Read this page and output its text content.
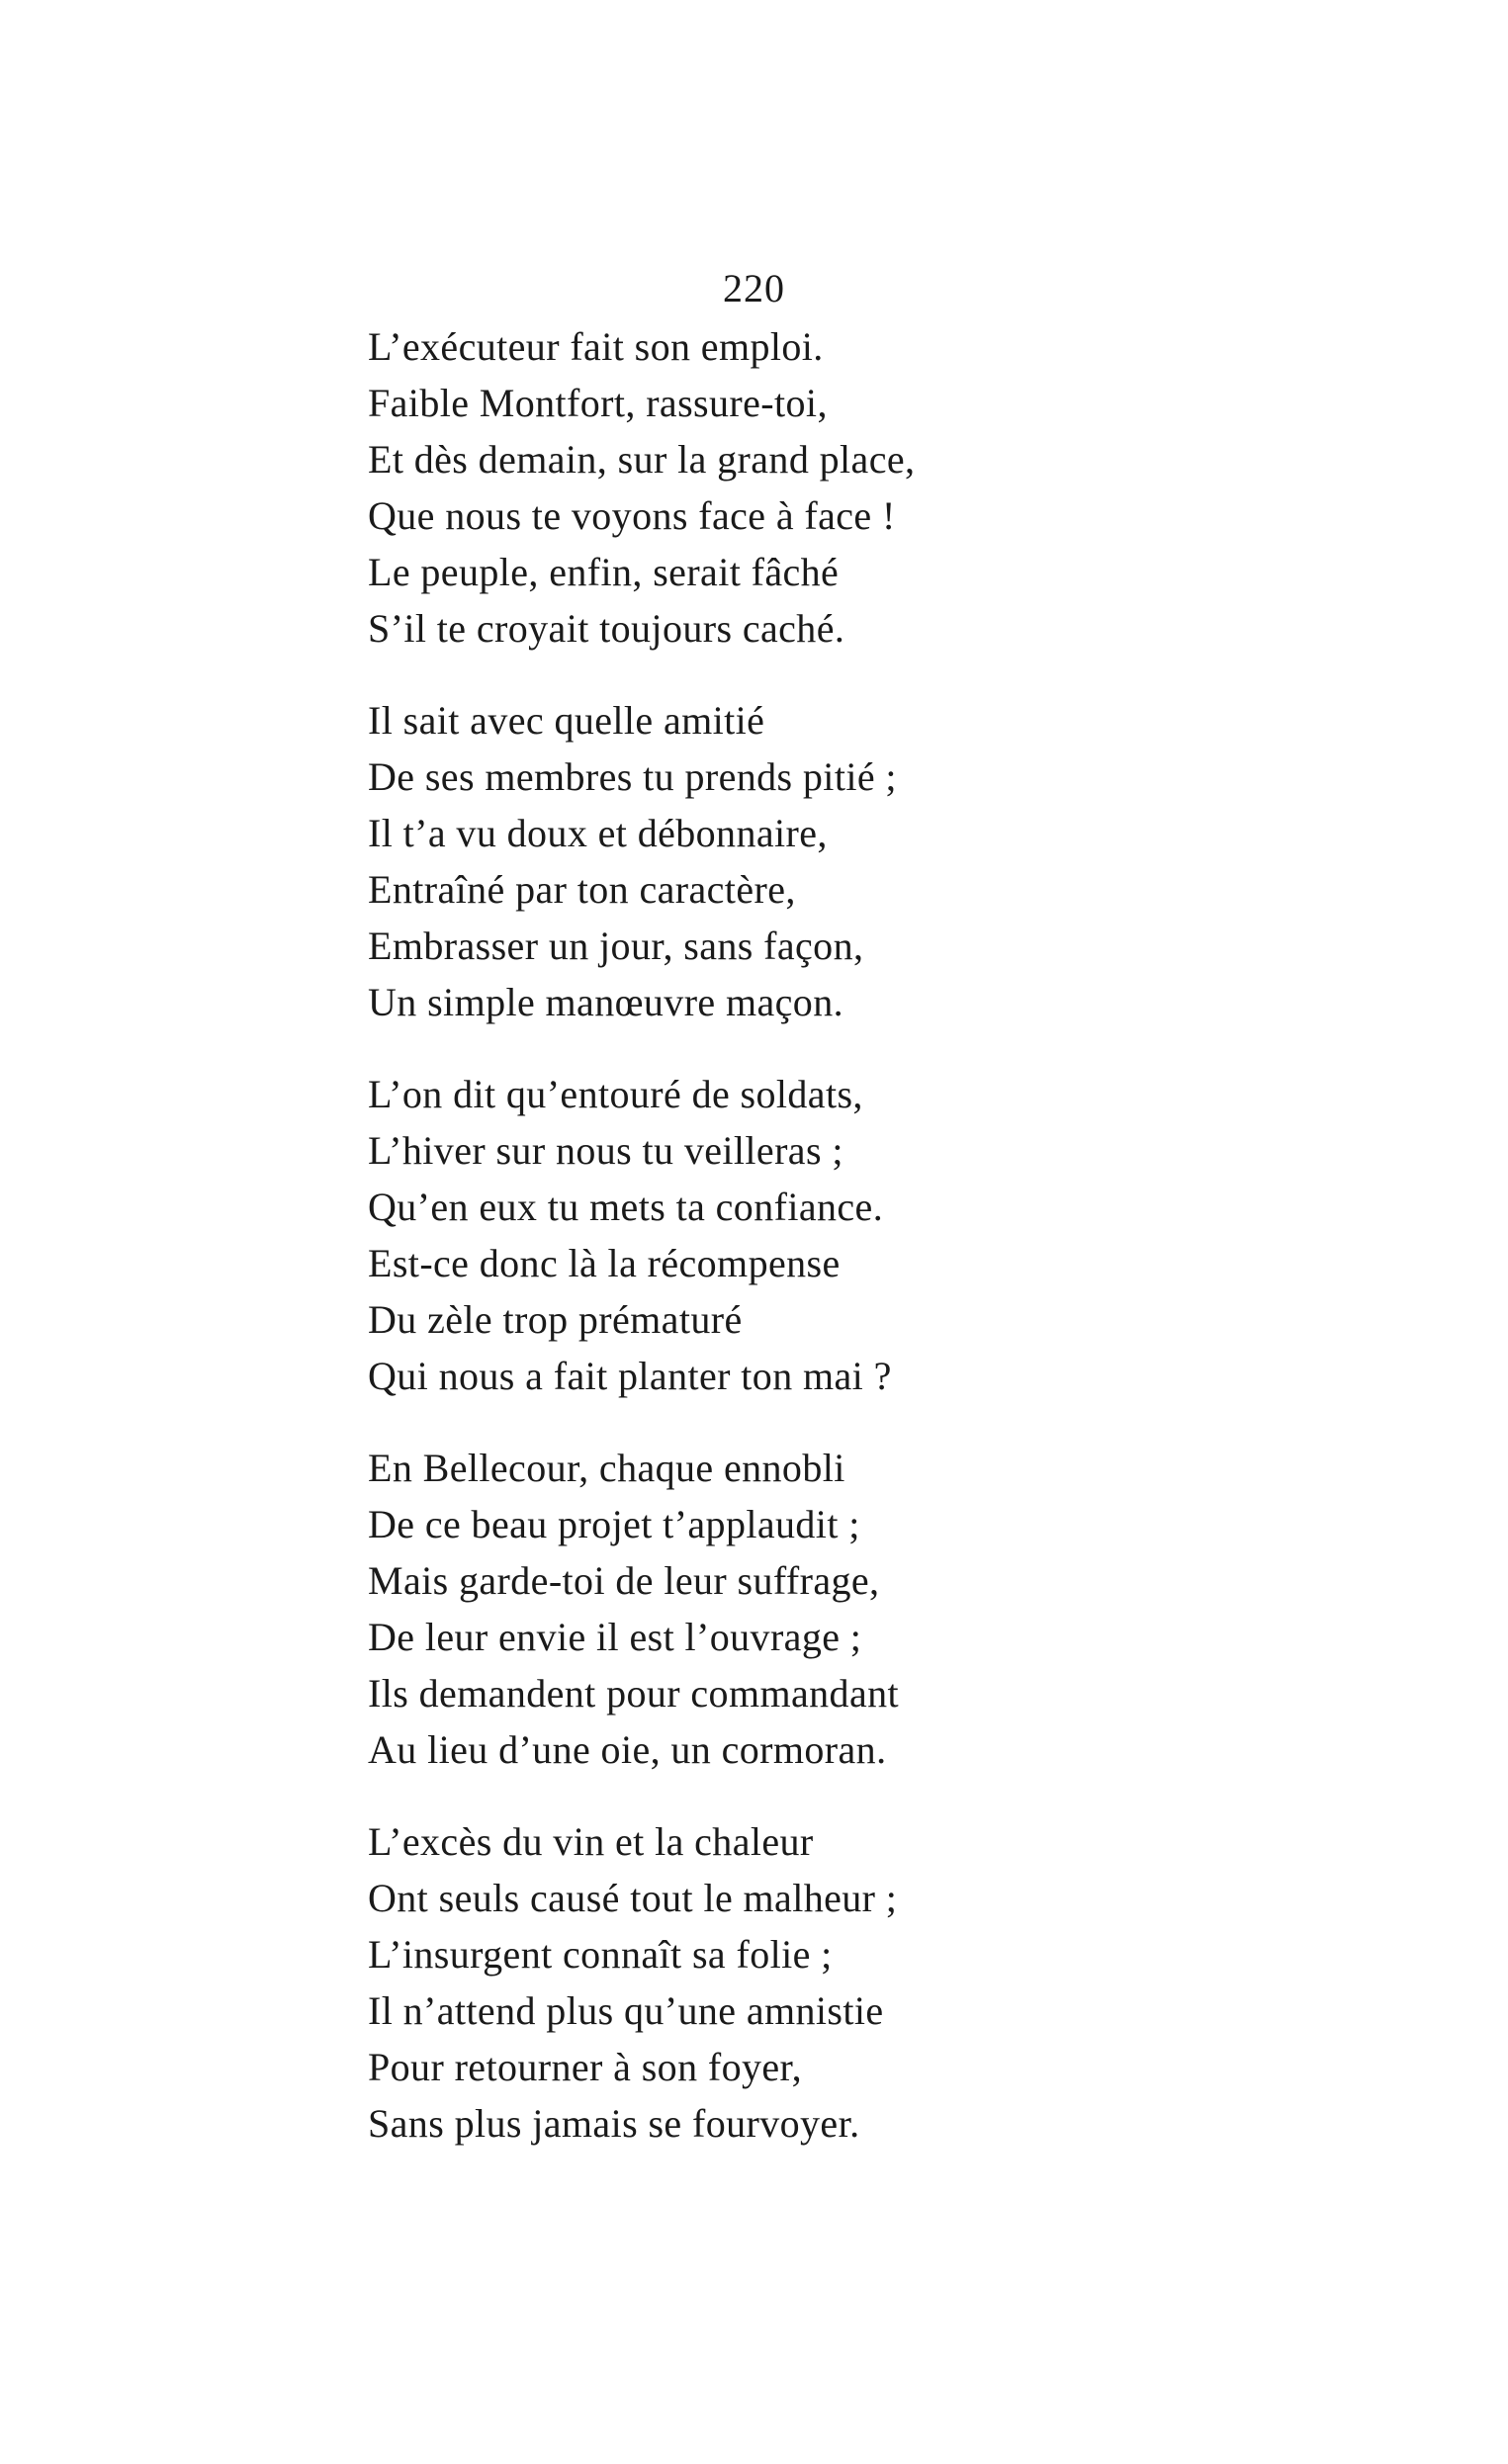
220
L’exécuteur fait son emploi.
Faible Montfort, rassure-toi,
Et dès demain, sur la grand place,
Que nous te voyons face à face !
Le peuple, enfin, serait fâché
S’il te croyait toujours caché.
Il sait avec quelle amitié
De ses membres tu prends pitié ;
Il t’a vu doux et débonnaire,
Entraîné par ton caractère,
Embrasser un jour, sans façon,
Un simple manœuvre maçon.
L’on dit qu’entouré de soldats,
L’hiver sur nous tu veilleras ;
Qu’en eux tu mets ta confiance.
Est-ce donc là la récompense
Du zèle trop prématuré
Qui nous a fait planter ton mai ?
En Bellecour, chaque ennobli
De ce beau projet t’applaudit ;
Mais garde-toi de leur suffrage,
De leur envie il est l’ouvrage ;
Ils demandent pour commandant
Au lieu d’une oie, un cormoran.
L’excès du vin et la chaleur
Ont seuls causé tout le malheur ;
L’insurgent connaît sa folie ;
Il n’attend plus qu’une amnistie
Pour retourner à son foyer,
Sans plus jamais se fourvoyer.
